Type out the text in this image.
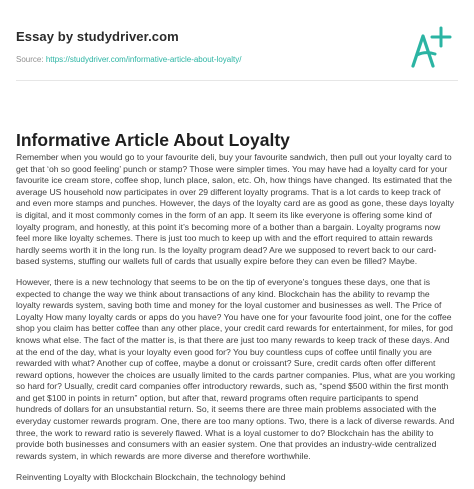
Essay by studydriver.com
Source: https://studydriver.com/informative-article-about-loyalty/
Informative Article About Loyalty

Remember when you would go to your favourite deli, buy your favourite sandwich, then pull out your loyalty card to get that ‘oh so good feeling’ punch or stamp? Those were simpler times. You may have had a loyalty card for your favourite ice cream store, coffee shop, lunch place, salon, etc. Oh, how things have changed. Its estimated that the average US household now participates in over 29 different loyalty programs. That is a lot cards to keep track of and even more stamps and punches. However, the days of the loyalty card are as good as gone, these days loyalty is digital, and it most commonly comes in the form of an app. It seem its like everyone is offering some kind of loyalty program, and honestly, at this point it’s becoming more of a bother than a bargain. Loyalty programs now feel more like loyalty schemes. There is just too much to keep up with and the effort required to attain rewards hardly seems worth it in the long run. Is the loyalty program dead? Are we supposed to revert back to our card-based systems, stuffing our wallets full of cards that usually expire before they can even be filled? Maybe.

However, there is a new technology that seems to be on the tip of everyone’s tongues these days, one that is expected to change the way we think about transactions of any kind. Blockchain has the ability to revamp the loyalty rewards system, saving both time and money for the loyal customer and businesses as well. The Price of Loyalty How many loyalty cards or apps do you have? You have one for your favourite food joint, one for the coffee shop you claim has better coffee than any other place, your credit card rewards for entertainment, for miles, for god knows what else. The fact of the matter is, is that there are just too many rewards to keep track of these days. And at the end of the day, what is your loyalty even good for? You buy countless cups of coffee until finally you are rewarded with what? Another cup of coffee, maybe a donut or croissant? Sure, credit cards often offer different reward options, however the choices are usually limited to the cards partner companies. Plus, what are you working so hard for? Usually, credit card companies offer introductory rewards, such as, “spend $500 within the first month and get $100 in points in return” option, but after that, reward programs often require participants to spend hundreds of dollars for an unsubstantial return. So, it seems there are three main problems associated with the everyday customer rewards program. One, there are too many options. Two, there is a lack of diverse rewards. And three, the work to reward ratio is severely flawed. What is a loyal customer to do? Blockchain has the ability to provide both businesses and consumers with an easier system. One that provides an industry-wide centralized rewards system, in which rewards are more diverse and therefore worthwhile.

Reinventing Loyalty with Blockchain Blockchain, the technology behind
